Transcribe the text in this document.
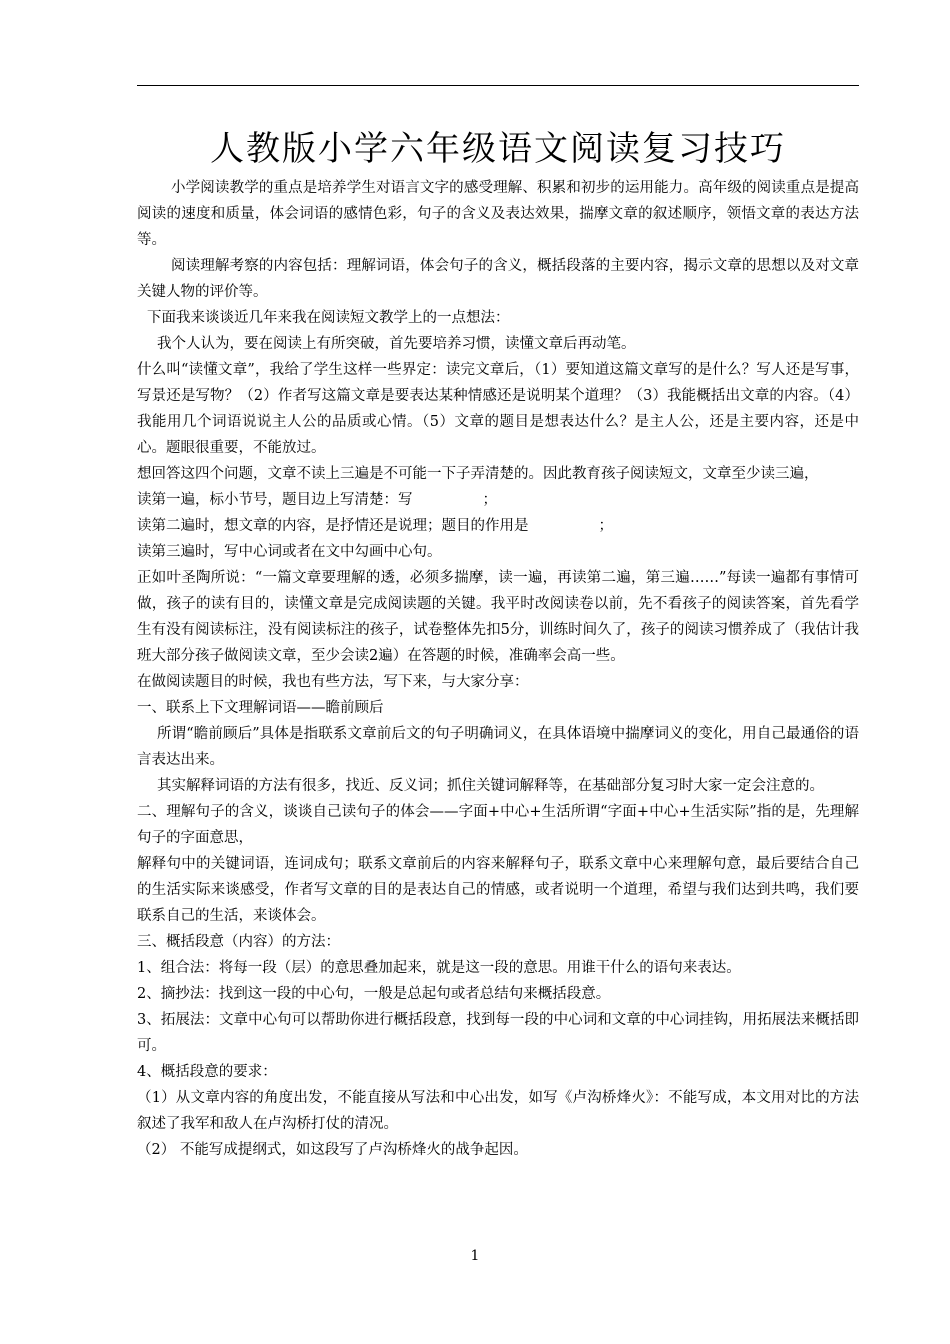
人教版小学六年级语文阅读复习技巧

小学阅读教学的重点是培养学生对语言文字的感受理解、积累和初步的运用能力。高年级的阅读重点是提高阅读的速度和质量，体会词语的感情色彩，句子的含义及表达效果，揣摩文章的叙述顺序，领悟文章的表达方法等。

阅读理解考察的内容包括：理解词语，体会句子的含义，概括段落的主要内容，揭示文章的思想以及对文章关键人物的评价等。

下面我来谈谈近几年来我在阅读短文教学上的一点想法：

我个人认为，要在阅读上有所突破，首先要培养习惯，读懂文章后再动笔。

什么叫“读懂文章”，我给了学生这样一些界定：读完文章后，（1）要知道这篇文章写的是什么？写人还是写事，写景还是写物？（2）作者写这篇文章是要表达某种情感还是说明某个道理？（3）我能概括出文章的内容。（4）我能用几个词语说说主人公的品质或心情。（5）文章的题目是想表达什么？是主人公，还是主要内容，还是中心。题眼很重要，不能放过。

想回答这四个问题，文章不读上三遍是不可能一下子弄清楚的。因此教育孩子阅读短文，文章至少读三遍，

读第一遍，标小节号，题目边上写清楚：写	；

读第二遍时，想文章的内容，是抒情还是说理；题目的作用是	；

读第三遍时，写中心词或者在文中勾画中心句。

正如叶圣陶所说：“一篇文章要理解的透，必须多揣摩，读一遍，再读第二遍，第三遍……”每读一遍都有事情可做，孩子的读有目的，读懂文章是完成阅读题的关键。我平时改阅读卷以前，先不看孩子的阅读答案，首先看学生有没有阅读标注，没有阅读标注的孩子，试卷整体先扣5分，训练时间久了，孩子的阅读习惯养成了（我估计我班大部分孩子做阅读文章，至少会读2遍）在答题的时候，准确率会高一些。

在做阅读题目的时候，我也有些方法，写下来，与大家分享：

一、联系上下文理解词语——瞻前顾后

所谓“瞻前顾后”具体是指联系文章前后文的句子明确词义，在具体语境中揣摩词义的变化，用自己最通俗的语言表达出来。

其实解释词语的方法有很多，找近、反义词；抓住关键词解释等，在基础部分复习时大家一定会注意的。

二、理解句子的含义，谈谈自己读句子的体会——字面+中心+生活所谓“字面+中心+生活实际”指的是，先理解句子的字面意思，

解释句中的关键词语，连词成句；联系文章前后的内容来解释句子，联系文章中心来理解句意，最后要结合自己的生活实际来谈感受，作者写文章的目的是表达自己的情感，或者说明一个道理，希望与我们达到共鸣，我们要联系自己的生活，来谈体会。

三、概括段意（内容）的方法：

1、组合法：将每一段（层）的意思叠加起来，就是这一段的意思。用谁干什么的语句来表达。

2、摘抄法：找到这一段的中心句，一般是总起句或者总结句来概括段意。

3、拓展法：文章中心句可以帮助你进行概括段意，找到每一段的中心词和文章的中心词挂钩，用拓展法来概括即可。

4、概括段意的要求：

（1）从文章内容的角度出发，不能直接从写法和中心出发，如写《卢沟桥烽火》：不能写成，本文用对比的方法叙述了我军和敌人在卢沟桥打仗的清况。

（2） 不能写成提纲式，如这段写了卢沟桥烽火的战争起因。

1
